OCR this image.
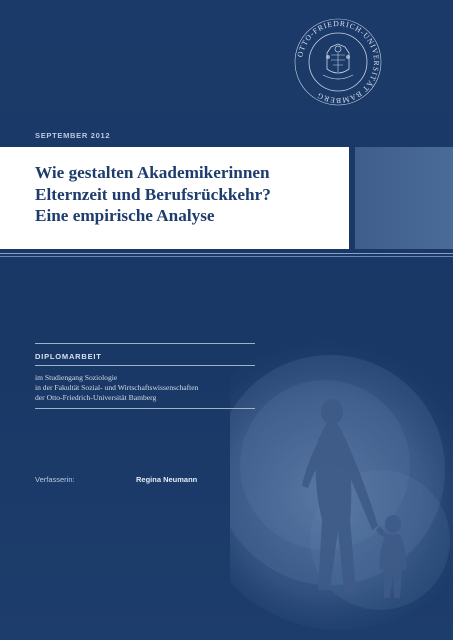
OTTO-FRIEDRICH-UNIVERSITÄT BAMBERG
SEPTEMBER 2012
Wie gestalten Akademikerinnen
Elternzeit und Berufsrückkehr?
Eine empirische Analyse
DIPLOMARBEIT
im Studiengang Soziologie
in der Fakultät Sozial- und Wirtschaftswissenschaften
der Otto-Friedrich-Universität Bamberg
Verfasserin:	Regina Neumann
